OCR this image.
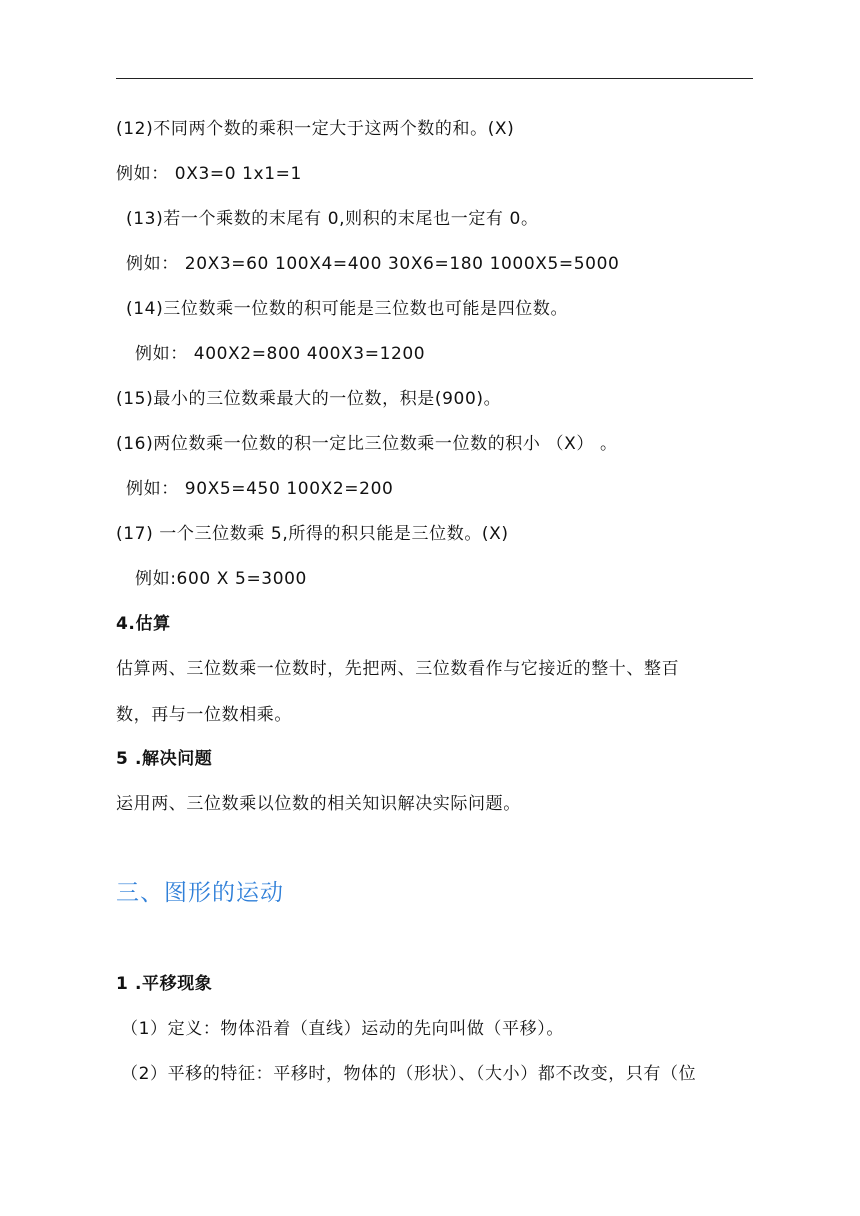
(12)不同两个数的乘积一定大于这两个数的和。(X)
例如： 0X3=0 1x1=1
(13)若一个乘数的末尾有 0,则积的末尾也一定有 0。
例如： 20X3=60 100X4=400 30X6=180 1000X5=5000
(14)三位数乘一位数的积可能是三位数也可能是四位数。
例如： 400X2=800 400X3=1200
(15)最小的三位数乘最大的一位数，积是(900)。
(16)两位数乘一位数的积一定比三位数乘一位数的积小 （X） 。
例如： 90X5=450 100X2=200
(17) 一个三位数乘 5,所得的积只能是三位数。(X)
例如:600 X 5=3000
4.估算
估算两、三位数乘一位数时，先把两、三位数看作与它接近的整十、整百
数，再与一位数相乘。
5 .解决问题
运用两、三位数乘以位数的相关知识解决实际问题。
三、图形的运动
1 .平移现象
（1）定义：物体沿着（直线）运动的先向叫做（平移）。
（2）平移的特征：平移时，物体的（形状）、（大小）都不改变，只有（位
